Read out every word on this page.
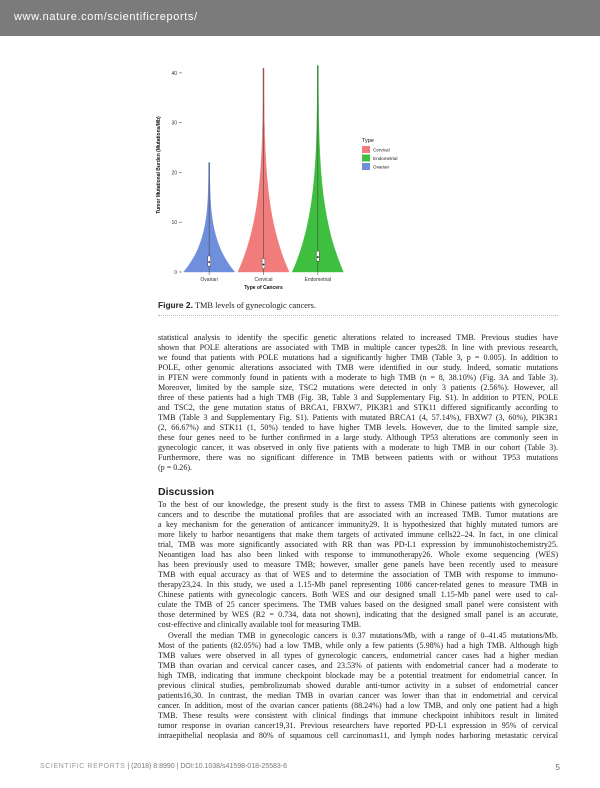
www.nature.com/scientificreports/
0
10
20
30
40
Tumor Mutational Burden (Mutations/Mb)
Ovarian	Cervical	Endometrial
Type of Cancers
Type
Cervical
Endometrial
Ovarian
Figure 2. TMB levels of gynecologic cancers.
statistical analysis to identify the specific genetic alterations related to increased TMB. Previous studies have
shown that POLE alterations are associated with TMB in multiple cancer types28. In line with previous research,
we found that patients with POLE mutations had a significantly higher TMB (Table 3, p = 0.005). In addition to
POLE, other genomic alterations associated with TMB were identified in our study. Indeed, somatic mutations
in PTEN were commonly found in patients with a moderate to high TMB (n = 8, 38.10%) (Fig. 3A and Table 3).
Moreover, limited by the sample size, TSC2 mutations were detected in only 3 patients (2.56%). However, all
three of these patients had a high TMB (Fig. 3B, Table 3 and Supplementary Fig. S1). In addition to PTEN, POLE
and TSC2, the gene mutation status of BRCA1, FBXW7, PIK3R1 and STK11 differed significantly according to
TMB (Table 3 and Supplementary Fig. S1). Patients with mutated BRCA1 (4, 57.14%), FBXW7 (3, 60%), PIK3R1
(2, 66.67%) and STK11 (1, 50%) tended to have higher TMB levels. However, due to the limited sample size,
these four genes need to be further confirmed in a large study. Although TP53 alterations are commonly seen in
gynecologic cancer, it was observed in only five patients with a moderate to high TMB in our cohort (Table 3).
Furthermore, there was no significant difference in TMB between patients with or without TP53 mutations
(p = 0.26).
Discussion
To the best of our knowledge, the present study is the first to assess TMB in Chinese patients with gynecologic
cancers and to describe the mutational profiles that are associated with an increased TMB. Tumor mutations are
a key mechanism for the generation of anticancer immunity29. It is hypothesized that highly mutated tumors are
more likely to harbor neoantigens that make them targets of activated immune cells22–24. In fact, in one clinical
trial, TMB was more significantly associated with RR than was PD-L1 expression by immunohistochemistry25.
Neoantigen load has also been linked with response to immunotherapy26. Whole exome sequencing (WES)
has been previously used to measure TMB; however, smaller gene panels have been recently used to measure
TMB with equal accuracy as that of WES and to determine the association of TMB with response to immuno-
therapy23,24. In this study, we used a 1.15-Mb panel representing 1086 cancer-related genes to measure TMB in
Chinese patients with gynecologic cancers. Both WES and our designed small 1.15-Mb panel were used to cal-
culate the TMB of 25 cancer specimens. The TMB values based on the designed small panel were consistent with
those determined by WES (R2 = 0.734, data not shown), indicating that the designed small panel is an accurate,
cost-effective and clinically available tool for measuring TMB.
Overall the median TMB in gynecologic cancers is 0.37 mutations/Mb, with a range of 0–41.45 mutations/Mb.
Most of the patients (82.05%) had a low TMB, while only a few patients (5.98%) had a high TMB. Although high
TMB values were observed in all types of gynecologic cancers, endometrial cancer cases had a higher median
TMB than ovarian and cervical cancer cases, and 23.53% of patients with endometrial cancer had a moderate to
high TMB, indicating that immune checkpoint blockade may be a potential treatment for endometrial cancer. In
previous clinical studies, pembrolizumab showed durable anti-tumor activity in a subset of endometrial cancer
patients16,30. In contrast, the median TMB in ovarian cancer was lower than that in endometrial and cervical
cancer. In addition, most of the ovarian cancer patients (88.24%) had a low TMB, and only one patient had a high
TMB. These results were consistent with clinical findings that immune checkpoint inhibitors result in limited
tumor response in ovarian cancer19,31. Previous researchers have reported PD-L1 expression in 95% of cervical
intraepithelial neoplasia and 80% of squamous cell carcinomas11, and lymph nodes harboring metastatic cervical
SCIENTIFIC REPORTS | (2018) 8:8990 | DOI:10.1038/s41598-018-25583-6	5
